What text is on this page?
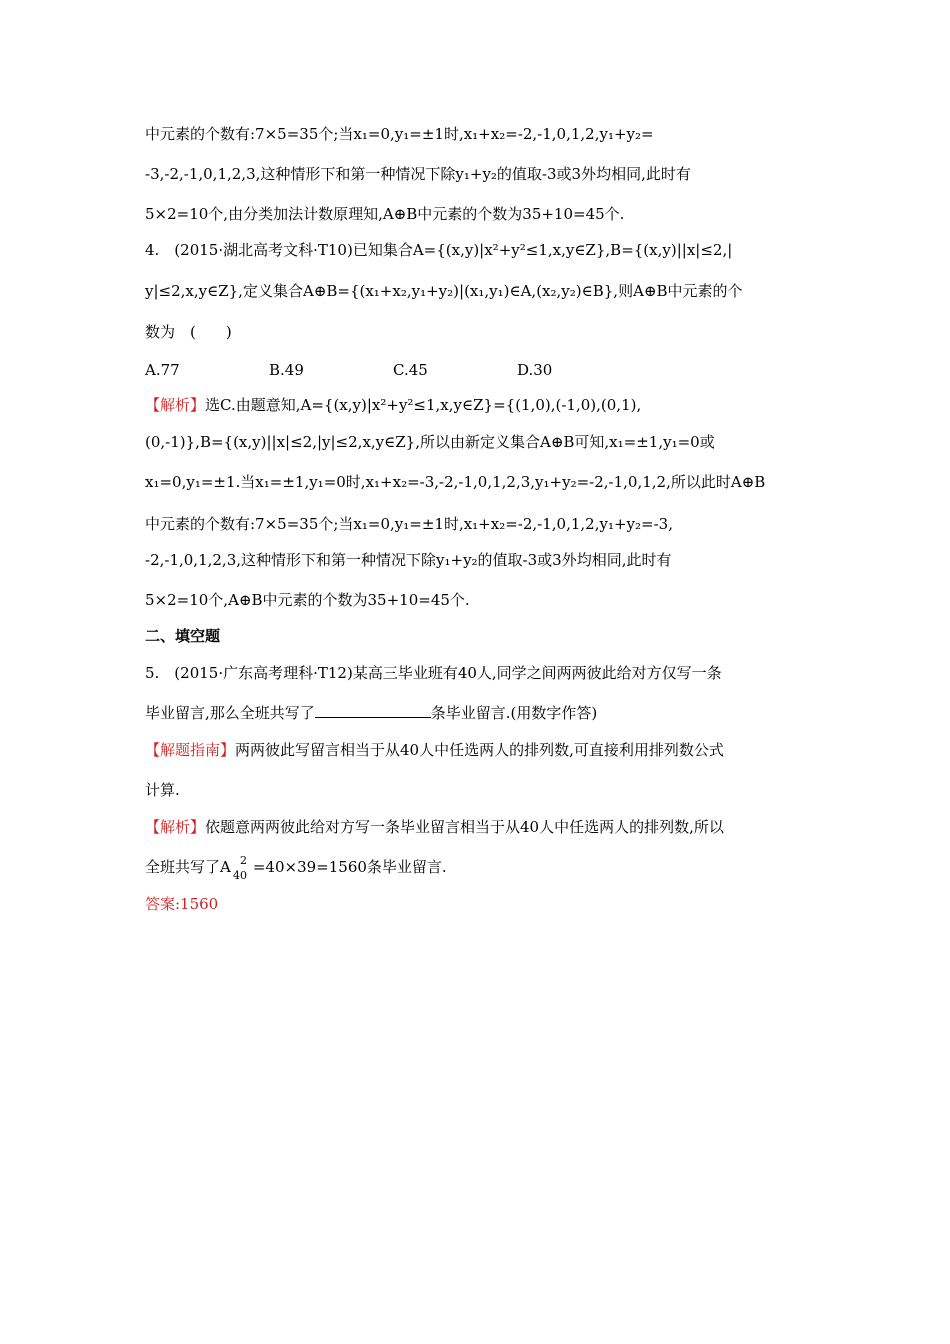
中元素的个数有:7×5=35个;当x₁=0,y₁=±1时,x₁+x₂=-2,-1,0,1,2,y₁+y₂=
-3,-2,-1,0,1,2,3,这种情形下和第一种情况下除y₁+y₂的值取-3或3外均相同,此时有
5×2=10个,由分类加法计数原理知,A⊕B中元素的个数为35+10=45个.
4.　(2015·湖北高考文科·T10)已知集合A={(x,y)|x²+y²≤1,x,y∈Z},B={(x,y)||x|≤2,|
y|≤2,x,y∈Z},定义集合A⊕B={(x₁+x₂,y₁+y₂)|(x₁,y₁)∈A,(x₂,y₂)∈B},则A⊕B中元素的个
数为　(　　)
A.77	B.49	C.45	D.30
【解析】选C.由题意知,A={(x,y)|x²+y²≤1,x,y∈Z}={(1,0),(-1,0),(0,1),
(0,-1)},B={(x,y)||x|≤2,|y|≤2,x,y∈Z},所以由新定义集合A⊕B可知,x₁=±1,y₁=0或
x₁=0,y₁=±1.当x₁=±1,y₁=0时,x₁+x₂=-3,-2,-1,0,1,2,3,y₁+y₂=-2,-1,0,1,2,所以此时A⊕B
中元素的个数有:7×5=35个;当x₁=0,y₁=±1时,x₁+x₂=-2,-1,0,1,2,y₁+y₂=-3,
-2,-1,0,1,2,3,这种情形下和第一种情况下除y₁+y₂的值取-3或3外均相同,此时有
5×2=10个,A⊕B中元素的个数为35+10=45个.
二、填空题
5.　(2015·广东高考理科·T12)某高三毕业班有40人,同学之间两两彼此给对方仅写一条
毕业留言,那么全班共写了	条毕业留言.(用数字作答)
【解题指南】两两彼此写留言相当于从40人中任选两人的排列数,可直接利用排列数公式
计算.
【解析】依题意两两彼此给对方写一条毕业留言相当于从40人中任选两人的排列数,所以
全班共写了A 2
40 =40×39=1560条毕业留言.
答案:1560
